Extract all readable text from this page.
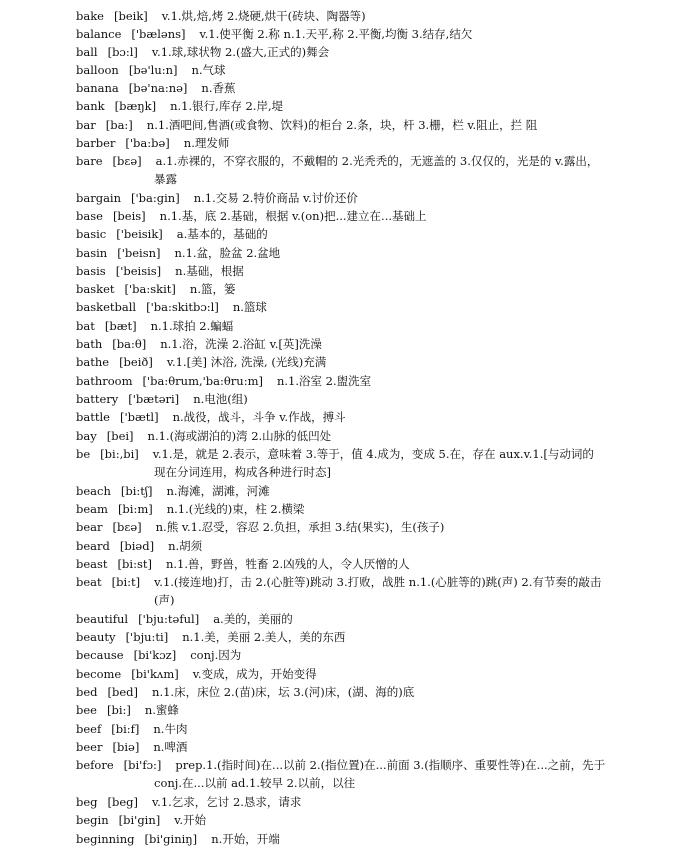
bake [beik] v.1.烘,焙,烤 2.烧硬,烘干(砖块、陶器等)
balance ['bæləns] v.1.使平衡 2.称 n.1.天平,称 2.平衡,均衡 3.结存,结欠
ball [bɔ:l] v.1.球,球状物 2.(盛大,正式的)舞会
balloon [bə'lu:n] n.气球
banana [bə'na:nə] n.香蕉
bank [bæŋk] n.1.银行,库存 2.岸,堤
bar [ba:] n.1.酒吧间,售酒(或食物、饮料)的柜台 2.条，块，杆 3.栅，栏 v.阻止，拦 阻
barber ['ba:bə] n.理发师
bare [bεə] a.1.赤裸的，不穿衣服的，不戴帽的 2.光秃秃的，无遮盖的 3.仅仅的，光是的 v.露出，
暴露
bargain ['ba:gin] n.1.交易 2.特价商品 v.讨价还价
base [beis] n.1.基，底 2.基础，根据 v.(on)把...建立在...基础上
basic ['beisik] a.基本的，基础的
basin ['beisn] n.1.盆，脸盆 2.盆地
basis ['beisis] n.基础，根据
basket ['ba:skit] n.篮，篓
basketball ['ba:skitbɔ:l] n.篮球
bat [bæt] n.1.球拍 2.蝙蝠
bath [ba:θ] n.1.浴，洗澡 2.浴缸 v.[英]洗澡
bathe [beið] v.1.[美] 沐浴, 洗澡, (光线)充满
bathroom ['ba:θrum,'ba:θru:m] n.1.浴室 2.盥洗室
battery ['bætəri] n.电池(组)
battle ['bætl] n.战役，战斗，斗争 v.作战，搏斗
bay [bei] n.1.(海或湖泊的)湾 2.山脉的低凹处
be [bi:,bi] v.1.是，就是 2.表示，意味着 3.等于，值 4.成为，变成 5.在，存在 aux.v.1.[与动词的
现在分词连用，构成各种进行时态]
beach [bi:tʃ] n.海滩，湖滩，河滩
beam [bi:m] n.1.(光线的)束，柱 2.横梁
bear [bεə] n.熊 v.1.忍受，容忍 2.负担，承担 3.结(果实)，生(孩子)
beard [biəd] n.胡须
beast [bi:st] n.1.兽，野兽，牲畜 2.凶残的人，令人厌憎的人
beat [bi:t] v.1.(接连地)打，击 2.(心脏等)跳动 3.打败，战胜 n.1.(心脏等的)跳(声) 2.有节奏的敲击
(声)
beautiful ['bju:təful] a.美的，美丽的
beauty ['bju:ti] n.1.美，美丽 2.美人，美的东西
because [bi'kɔz] conj.因为
become [bi'kʌm] v.变成，成为，开始变得
bed [bed] n.1.床，床位 2.(苗)床，坛 3.(河)床，(湖、海的)底
bee [bi:] n.蜜蜂
beef [bi:f] n.牛肉
beer [biə] n.啤酒
before [bi'fɔ:] prep.1.(指时间)在...以前 2.(指位置)在...前面 3.(指顺序、重要性等)在...之前，先于
conj.在...以前 ad.1.较早 2.以前，以往
beg [beg] v.1.乞求，乞讨 2.恳求，请求
begin [bi'gin] v.开始
beginning [bi'giniŋ] n.开始，开端
